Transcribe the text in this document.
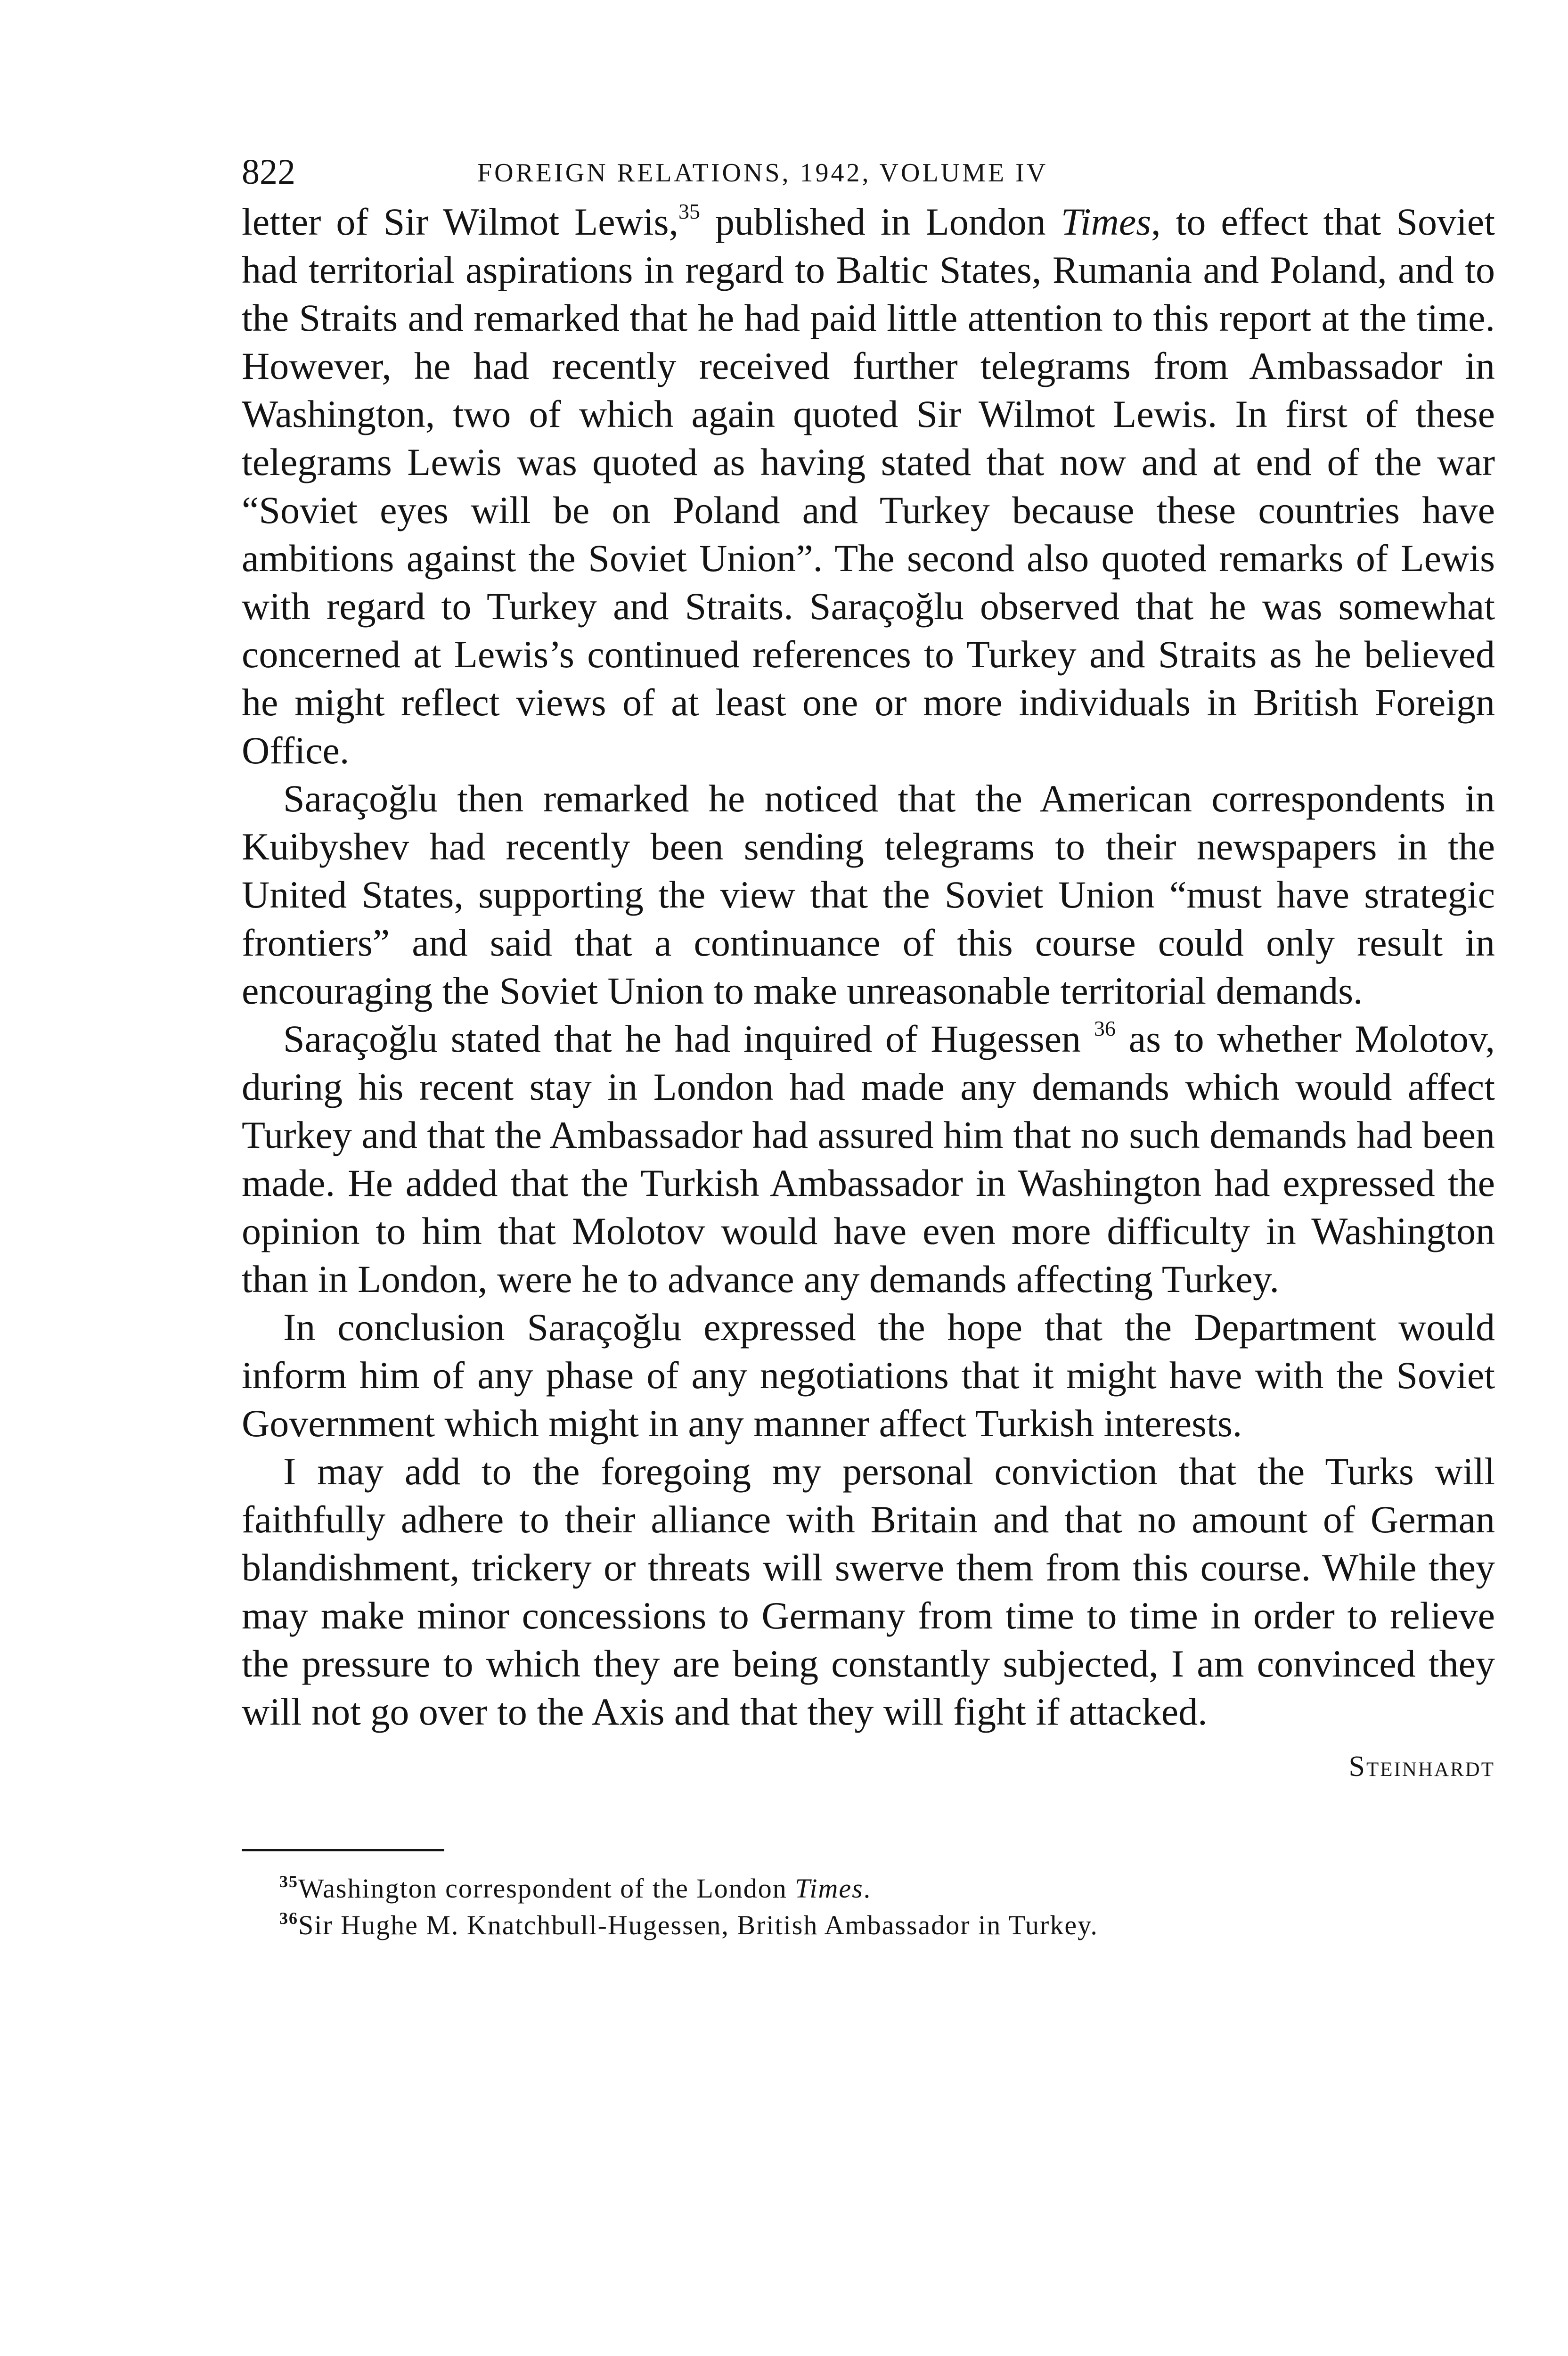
822	FOREIGN RELATIONS, 1942, VOLUME IV

letter of Sir Wilmot Lewis,$^{35}$ published in London Times, to effect that Soviet had territorial aspirations in regard to Baltic States, Rumania and Poland, and to the Straits and remarked that he had paid little attention to this report at the time. However, he had recently received further telegrams from Ambassador in Washington, two of which again quoted Sir Wilmot Lewis. In first of these telegrams Lewis was quoted as having stated that now and at end of the war “Soviet eyes will be on Poland and Turkey because these countries have ambitions against the Soviet Union”. The second also quoted remarks of Lewis with regard to Turkey and Straits. Saraçoğlu observed that he was somewhat concerned at Lewis’s continued references to Turkey and Straits as he believed he might reflect views of at least one or more individuals in British Foreign Office.

Saraçoğlu then remarked he noticed that the American correspondents in Kuibyshev had recently been sending telegrams to their newspapers in the United States, supporting the view that the Soviet Union “must have strategic frontiers” and said that a continuance of this course could only result in encouraging the Soviet Union to make unreasonable territorial demands.

Saraçoğlu stated that he had inquired of Hugessen $^{36}$ as to whether Molotov, during his recent stay in London had made any demands which would affect Turkey and that the Ambassador had assured him that no such demands had been made. He added that the Turkish Ambassador in Washington had expressed the opinion to him that Molotov would have even more difficulty in Washington than in London, were he to advance any demands affecting Turkey.

In conclusion Saraçoğlu expressed the hope that the Department would inform him of any phase of any negotiations that it might have with the Soviet Government which might in any manner affect Turkish interests.

I may add to the foregoing my personal conviction that the Turks will faithfully adhere to their alliance with Britain and that no amount of German blandishment, trickery or threats will swerve them from this course. While they may make minor concessions to Germany from time to time in order to relieve the pressure to which they are being constantly subjected, I am convinced they will not go over to the Axis and that they will fight if attacked.

Steinhardt

$^{35}$Washington correspondent of the London Times.

$^{36}$Sir Hughe M. Knatchbull-Hugessen, British Ambassador in Turkey.
